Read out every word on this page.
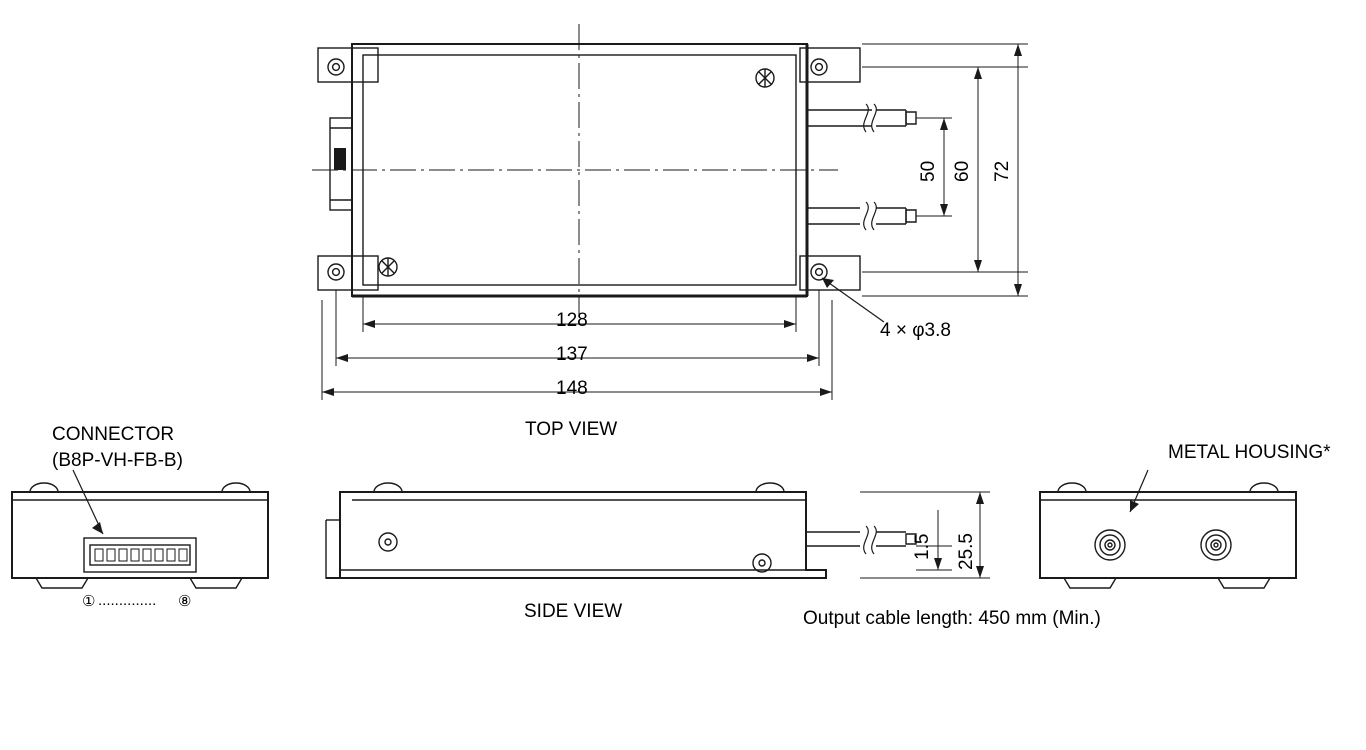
128
137
148
50 60 72
4 × φ3.8
TOP VIEW
SIDE VIEW
1.5 25.5
Output cable length: 450 mm (Min.)
CONNECTOR
(B8P-VH-FB-B)
① .............. ⑧
METAL HOUSING*
